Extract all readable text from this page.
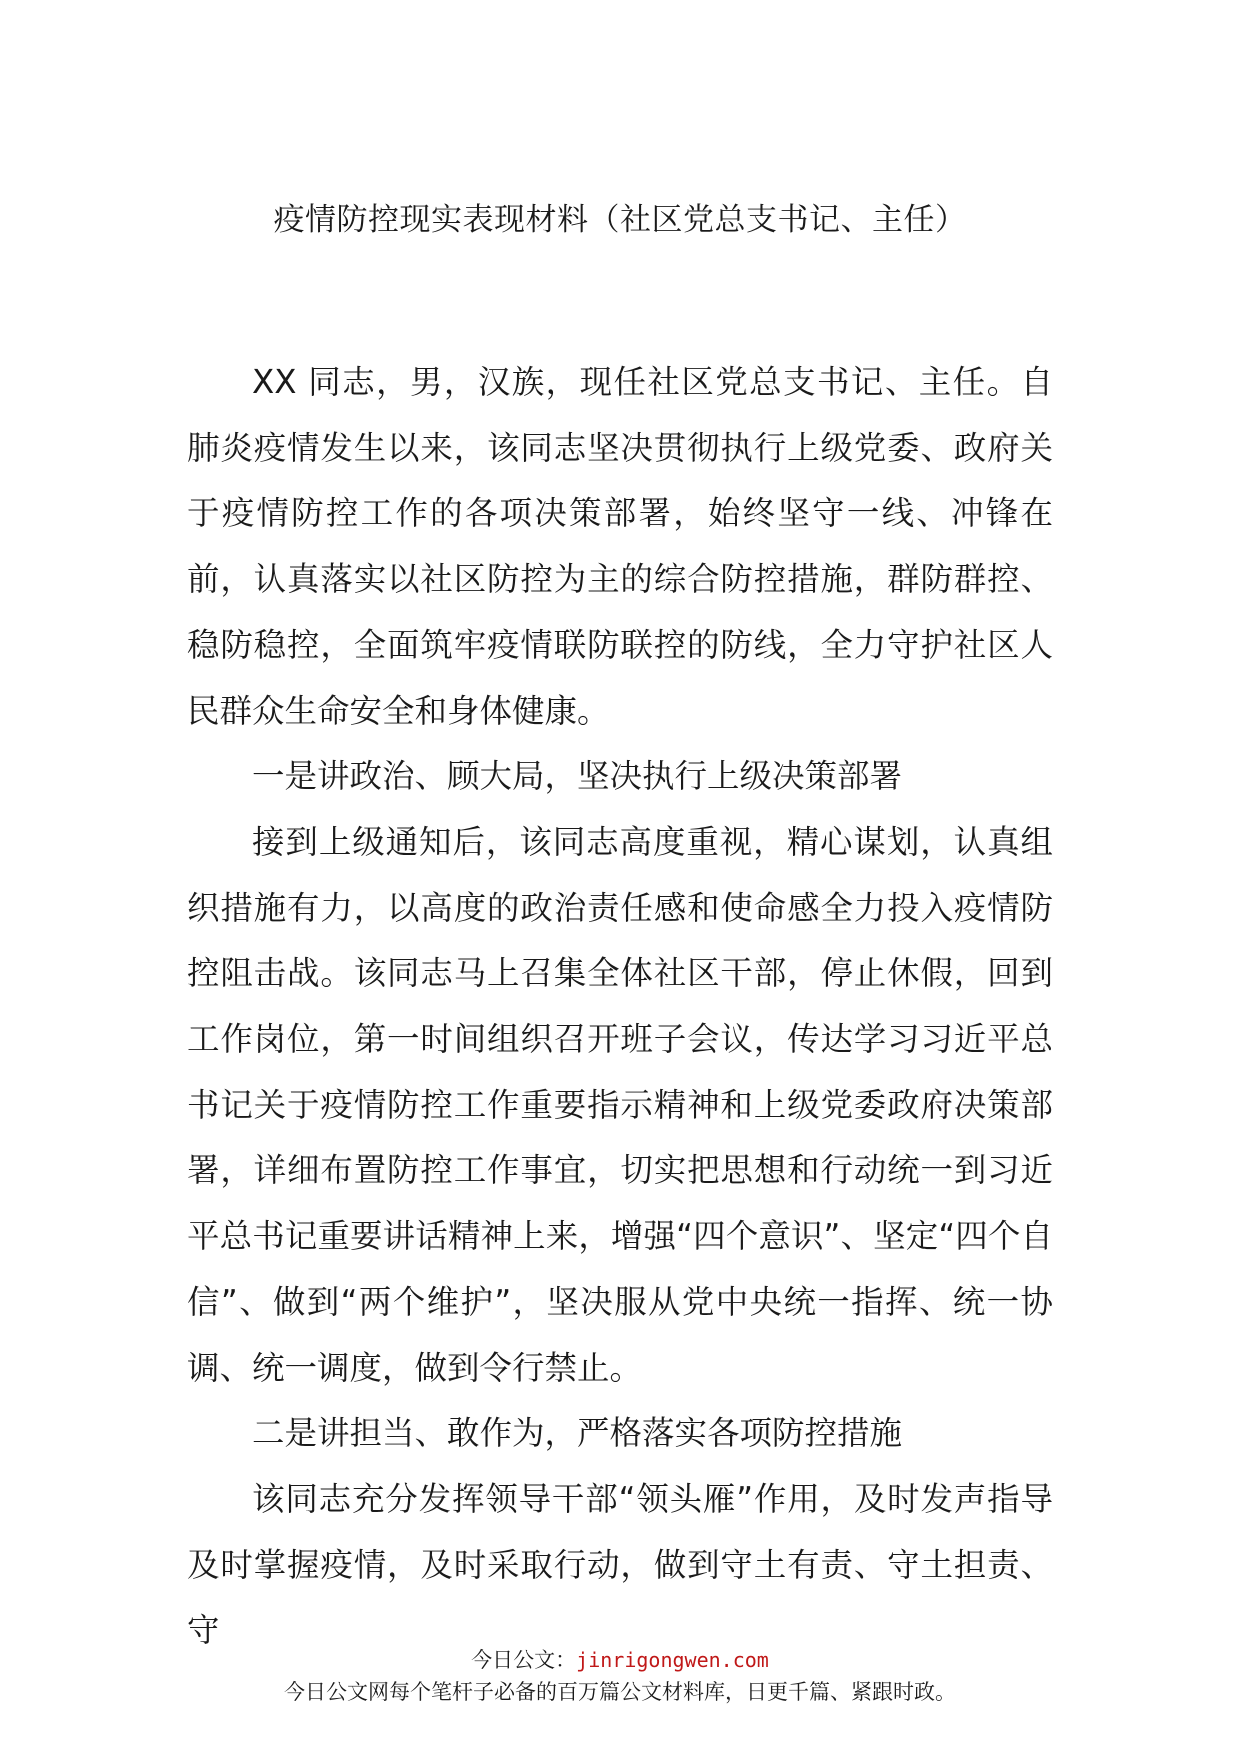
疫情防控现实表现材料（社区党总支书记、主任）

XX 同志，男，汉族，现任社区党总支书记、主任。自肺炎疫情发生以来，该同志坚决贯彻执行上级党委、政府关于疫情防控工作的各项决策部署，始终坚守一线、冲锋在前，认真落实以社区防控为主的综合防控措施，群防群控、稳防稳控，全面筑牢疫情联防联控的防线，全力守护社区人民群众生命安全和身体健康。

一是讲政治、顾大局，坚决执行上级决策部署

接到上级通知后，该同志高度重视，精心谋划，认真组织措施有力，以高度的政治责任感和使命感全力投入疫情防控阻击战。该同志马上召集全体社区干部，停止休假，回到工作岗位，第一时间组织召开班子会议，传达学习习近平总书记关于疫情防控工作重要指示精神和上级党委政府决策部署，详细布置防控工作事宜，切实把思想和行动统一到习近平总书记重要讲话精神上来，增强“四个意识”、坚定“四个自信”、做到“两个维护”，坚决服从党中央统一指挥、统一协调、统一调度，做到令行禁止。

二是讲担当、敢作为，严格落实各项防控措施

该同志充分发挥领导干部“领头雁”作用，及时发声指导及时掌握疫情，及时采取行动，做到守土有责、守土担责、守

今日公文：jinrigongwen.com
今日公文网每个笔杆子必备的百万篇公文材料库，日更千篇、紧跟时政。
